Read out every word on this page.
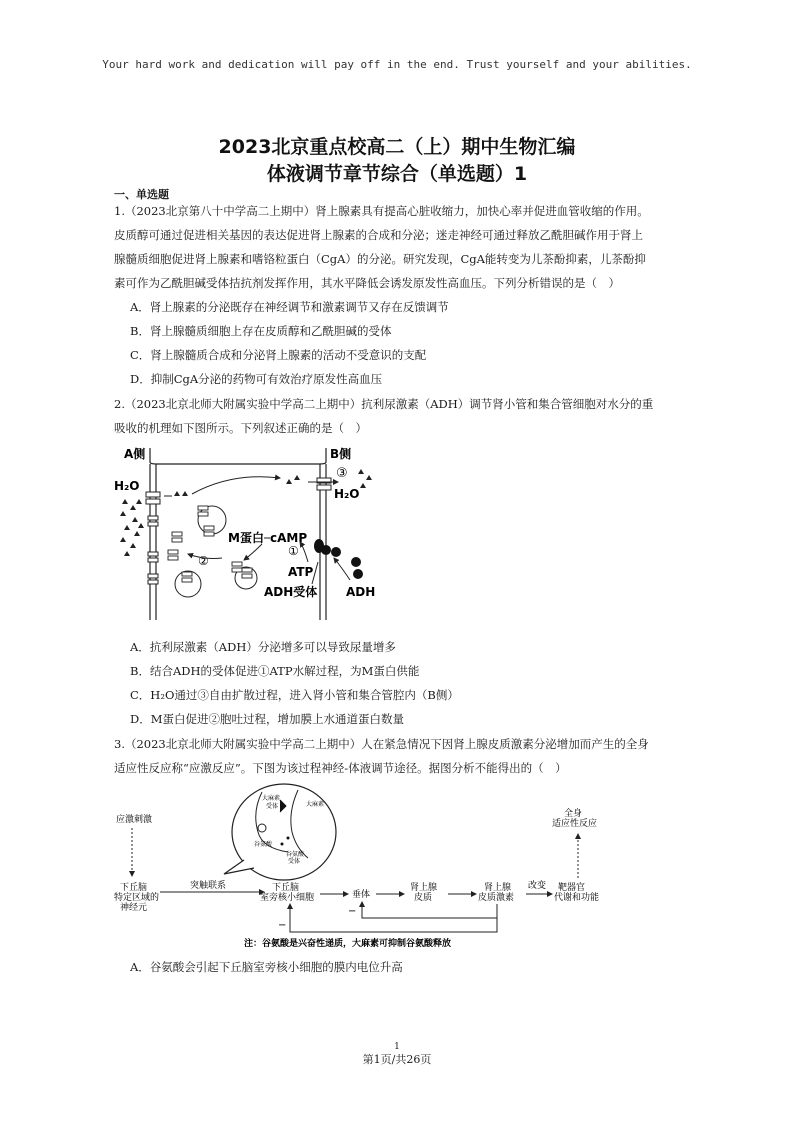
Your hard work and dedication will pay off in the end. Trust yourself and your abilities.
2023北京重点校高二（上）期中生物汇编
体液调节章节综合（单选题）1
一、单选题
1.（2023北京第八十中学高二上期中）肾上腺素具有提高心脏收缩力，加快心率并促进血管收缩的作用。
皮质醇可通过促进相关基因的表达促进肾上腺素的合成和分泌；迷走神经可通过释放乙酰胆碱作用于肾上
腺髓质细胞促进肾上腺素和嗜铬粒蛋白（CgA）的分泌。研究发现，CgA能转变为儿茶酚抑素，儿茶酚抑
素可作为乙酰胆碱受体拮抗剂发挥作用，其水平降低会诱发原发性高血压。下列分析错误的是（　）
A．肾上腺素的分泌既存在神经调节和激素调节又存在反馈调节
B．肾上腺髓质细胞上存在皮质醇和乙酰胆碱的受体
C．肾上腺髓质合成和分泌肾上腺素的活动不受意识的支配
D．抑制CgA分泌的药物可有效治疗原发性高血压
2.（2023北京北师大附属实验中学高二上期中）抗利尿激素（ADH）调节肾小管和集合管细胞对水分的重
吸收的机理如下图所示。下列叙述正确的是（　）
A侧	B侧
H₂O
H₂O
③
M蛋白 cAMP
①
②
ATP
ADH受体 ADH
A．抗利尿激素（ADH）分泌增多可以导致尿量增多
B．结合ADH的受体促进①ATP水解过程，为M蛋白供能
C．H₂O通过③自由扩散过程，进入肾小管和集合管腔内（B侧）
D．M蛋白促进②胞吐过程，增加膜上水通道蛋白数量
3.（2023北京北师大附属实验中学高二上期中）人在紧急情况下因肾上腺皮质激素分泌增加而产生的全身
适应性反应称“应激反应”。下图为该过程神经-体液调节途径。据图分析不能得出的（　）
应激刺激
下丘脑
特定区域的
神经元
突触联系	下丘脑
室旁核小细胞	垂体
肾上腺
皮质
肾上腺
皮质激素
改变 靶器官
代谢和功能
全身
适应性反应
−
−
大麻素
受体	大麻素
谷氨酸
谷氨酸
受体
注：谷氨酸是兴奋性递质，大麻素可抑制谷氨酸释放
A．谷氨酸会引起下丘脑室旁核小细胞的膜内电位升高
1
第1页/共26页
